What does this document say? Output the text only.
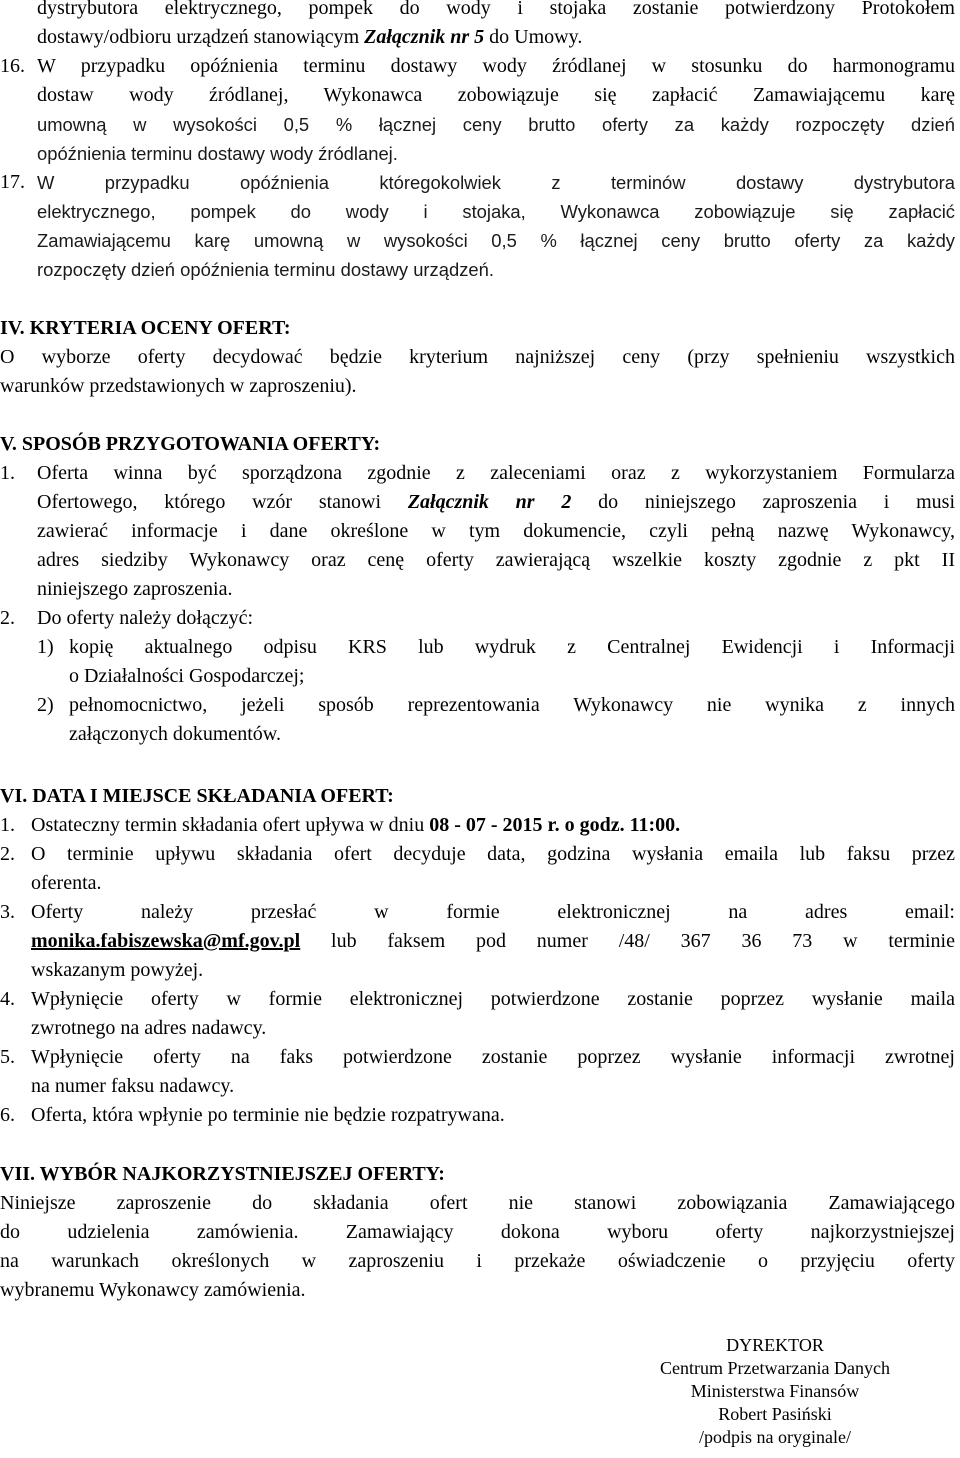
dystrybutora elektrycznego, pompek do wody i stojaka zostanie potwierdzony Protokołem
dostawy/odbioru urządzeń stanowiącym Załącznik nr 5 do Umowy.
16. W przypadku opóźnienia terminu dostawy wody źródlanej w stosunku do harmonogramu
dostaw wody źródlanej, Wykonawca zobowiązuje się zapłacić Zamawiającemu karę
umowną w wysokości 0,5 % łącznej ceny brutto oferty za każdy rozpoczęty dzień
opóźnienia terminu dostawy wody źródlanej.
17. W przypadku opóźnienia któregokolwiek z terminów dostawy dystrybutora
elektrycznego, pompek do wody i stojaka, Wykonawca zobowiązuje się zapłacić
Zamawiającemu karę umowną w wysokości 0,5 % łącznej ceny brutto oferty za każdy
rozpoczęty dzień opóźnienia terminu dostawy urządzeń.
IV. KRYTERIA OCENY OFERT:
O wyborze oferty decydować będzie kryterium najniższej ceny (przy spełnieniu wszystkich
warunków przedstawionych w zaproszeniu).
V. SPOSÓB PRZYGOTOWANIA OFERTY:
1. Oferta winna być sporządzona zgodnie z zaleceniami oraz z wykorzystaniem Formularza
Ofertowego, którego wzór stanowi Załącznik nr 2 do niniejszego zaproszenia i musi
zawierać informacje i dane określone w tym dokumencie, czyli pełną nazwę Wykonawcy,
adres siedziby Wykonawcy oraz cenę oferty zawierającą wszelkie koszty zgodnie z pkt II
niniejszego zaproszenia.
2. Do oferty należy dołączyć:
1) kopię aktualnego odpisu KRS lub wydruk z Centralnej Ewidencji i Informacji
o Działalności Gospodarczej;
2) pełnomocnictwo, jeżeli sposób reprezentowania Wykonawcy nie wynika z innych
załączonych dokumentów.
VI. DATA I MIEJSCE SKŁADANIA OFERT:
1. Ostateczny termin składania ofert upływa w dniu 08 - 07 - 2015 r. o godz. 11:00.
2. O terminie upływu składania ofert decyduje data, godzina wysłania emaila lub faksu przez
oferenta.
3. Oferty należy przesłać w formie elektronicznej na adres email:
monika.fabiszewska@mf.gov.pl lub faksem pod numer /48/ 367 36 73 w terminie
wskazanym powyżej.
4. Wpłynięcie oferty w formie elektronicznej potwierdzone zostanie poprzez wysłanie maila
zwrotnego na adres nadawcy.
5. Wpłynięcie oferty na faks potwierdzone zostanie poprzez wysłanie informacji zwrotnej
na numer faksu nadawcy.
6. Oferta, która wpłynie po terminie nie będzie rozpatrywana.
VII. WYBÓR NAJKORZYSTNIEJSZEJ OFERTY:
Niniejsze zaproszenie do składania ofert nie stanowi zobowiązania Zamawiającego
do udzielenia zamówienia. Zamawiający dokona wyboru oferty najkorzystniejszej
na warunkach określonych w zaproszeniu i przekaże oświadczenie o przyjęciu oferty
wybranemu Wykonawcy zamówienia.
DYREKTOR
Centrum Przetwarzania Danych
Ministerstwa Finansów
Robert Pasiński
/podpis na oryginale/
